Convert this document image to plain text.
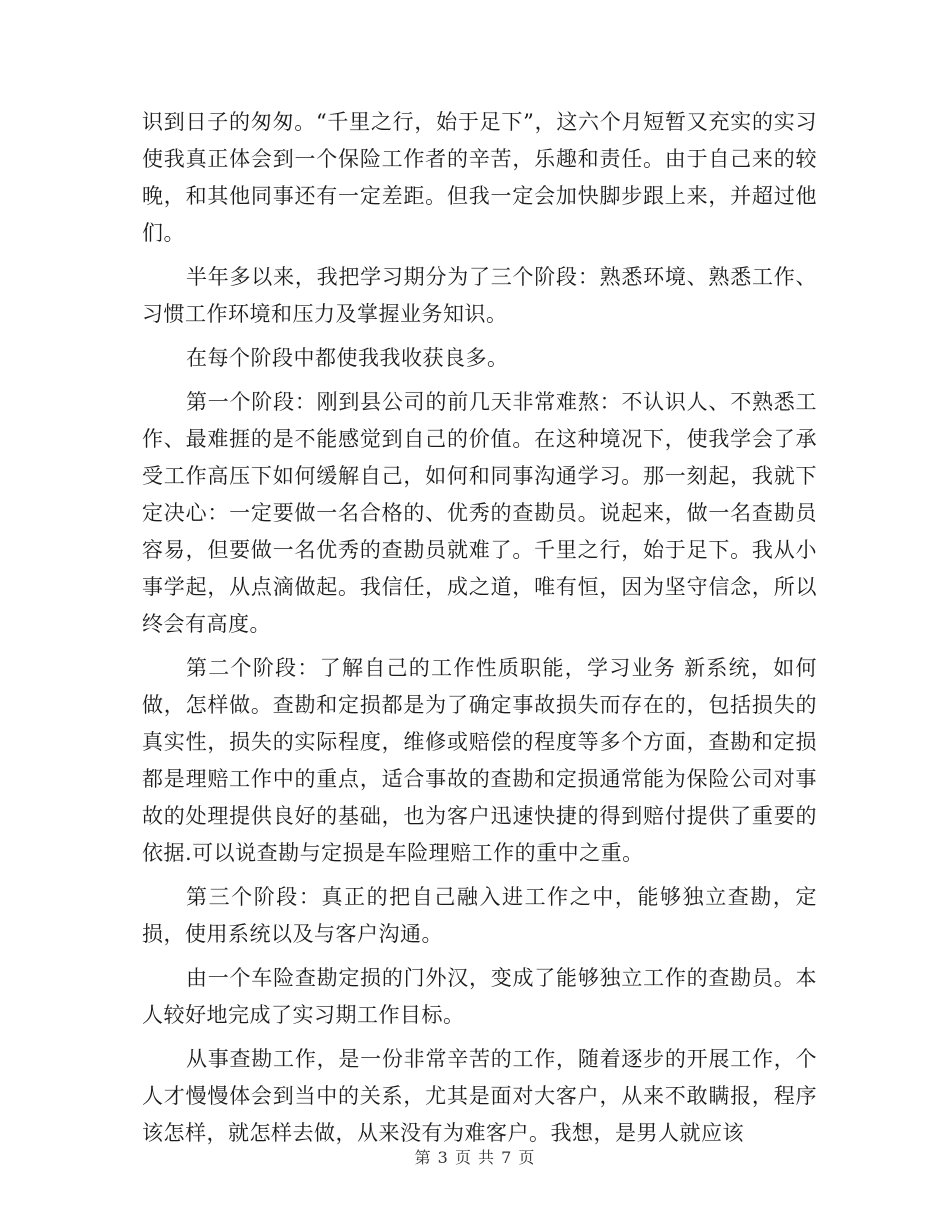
识到日子的匆匆。“千里之行，始于足下”，这六个月短暂又充实的实习使我真正体会到一个保险工作者的辛苦，乐趣和责任。由于自己来的较晚，和其他同事还有一定差距。但我一定会加快脚步跟上来，并超过他们。

半年多以来，我把学习期分为了三个阶段：熟悉环境、熟悉工作、习惯工作环境和压力及掌握业务知识。

在每个阶段中都使我我收获良多。

第一个阶段：刚到县公司的前几天非常难熬：不认识人、不熟悉工作、最难捱的是不能感觉到自己的价值。在这种境况下，使我学会了承受工作高压下如何缓解自己，如何和同事沟通学习。那一刻起，我就下定决心：一定要做一名合格的、优秀的查勘员。说起来，做一名查勘员容易，但要做一名优秀的查勘员就难了。千里之行，始于足下。我从小事学起，从点滴做起。我信任，成之道，唯有恒，因为坚守信念，所以终会有高度。

第二个阶段：了解自己的工作性质职能，学习业务 新系统，如何做，怎样做。查勘和定损都是为了确定事故损失而存在的，包括损失的真实性，损失的实际程度，维修或赔偿的程度等多个方面，查勘和定损都是理赔工作中的重点，适合事故的查勘和定损通常能为保险公司对事故的处理提供良好的基础，也为客户迅速快捷的得到赔付提供了重要的依据.可以说查勘与定损是车险理赔工作的重中之重。

第三个阶段：真正的把自己融入进工作之中，能够独立查勘，定损，使用系统以及与客户沟通。

由一个车险查勘定损的门外汉，变成了能够独立工作的查勘员。本人较好地完成了实习期工作目标。

从事查勘工作，是一份非常辛苦的工作，随着逐步的开展工作，个人才慢慢体会到当中的关系，尤其是面对大客户，从来不敢瞒报，程序该怎样，就怎样去做，从来没有为难客户。我想，是男人就应该

第 3 页 共 7 页
